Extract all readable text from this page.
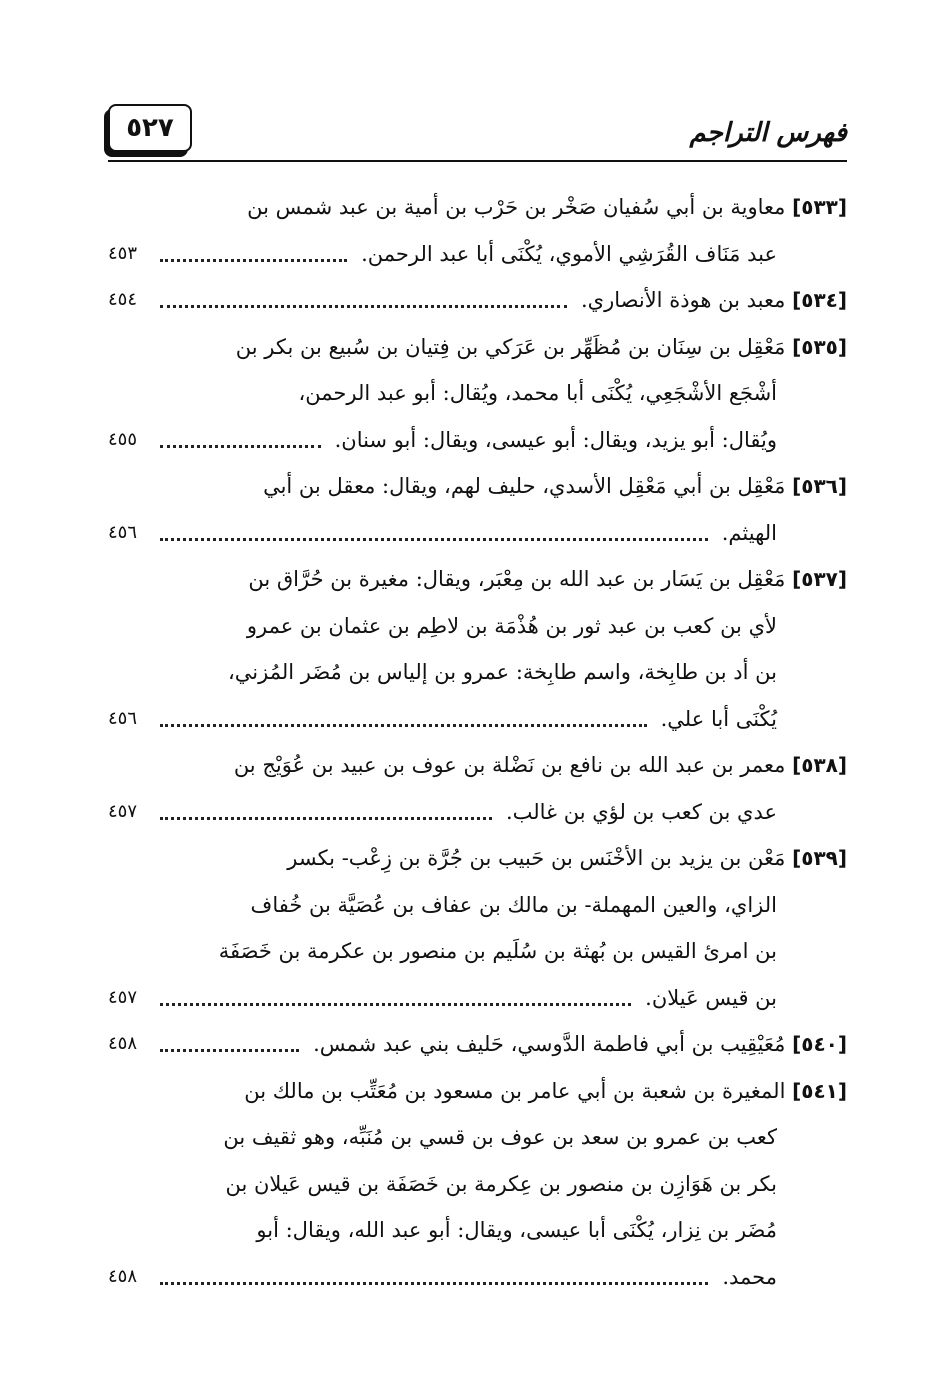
٥٢٧	فهرس التراجم
[٥٣٣] معاوية بن أبي سُفيان صَخْر بن حَرْب بن أمية بن عبد شمس بن
عبد مَنَاف القُرَشِي الأموي، يُكْنَى أبا عبد الرحمن.
٤٥٣
[٥٣٤] معبد بن هوذة الأنصاري.
٤٥٤
[٥٣٥] مَعْقِل بن سِنَان بن مُظَهِّر بن عَرَكي بن فِتيان بن سُبيع بن بكر بن
أشْجَع الأشْجَعِي، يُكْنَى أبا محمد، ويُقال: أبو عبد الرحمن،
ويُقال: أبو يزيد، ويقال: أبو عيسى، ويقال: أبو سنان.
٤٥٥
[٥٣٦] مَعْقِل بن أبي مَعْقِل الأسدي، حليف لهم، ويقال: معقل بن أبي
الهيثم.
٤٥٦
[٥٣٧] مَعْقِل بن يَسَار بن عبد الله بن مِعْبَر، ويقال: مغيرة بن حُرَّاق بن
لأي بن كعب بن عبد ثور بن هُذْمَة بن لاطِم بن عثمان بن عمرو
بن أد بن طابِخة، واسم طابِخة: عمرو بن إلياس بن مُضَر المُزني،
يُكْنَى أبا علي.
٤٥٦
[٥٣٨] معمر بن عبد الله بن نافع بن نَضْلة بن عوف بن عبيد بن عُوَيْج بن
عدي بن كعب بن لؤي بن غالب.
٤٥٧
[٥٣٩] مَعْن بن يزيد بن الأخْنَس بن حَبيب بن جُرَّة بن زِعْب- بكسر
الزاي، والعين المهملة- بن مالك بن عفاف بن عُصَيَّة بن خُفاف
بن امرئ القيس بن بُهثة بن سُلَيم بن منصور بن عكرمة بن خَصَفَة
بن قيس عَيلان.
٤٥٧
[٥٤٠] مُعَيْقِيب بن أبي فاطمة الدَّوسي، حَليف بني عبد شمس.
٤٥٨
[٥٤١] المغيرة بن شعبة بن أبي عامر بن مسعود بن مُعَتِّب بن مالك بن
كعب بن عمرو بن سعد بن عوف بن قسي بن مُنَبِّه، وهو ثقيف بن
بكر بن هَوَازِن بن منصور بن عِكرمة بن خَصَفَة بن قيس عَيلان بن
مُضَر بن نِزار، يُكْنَى أبا عيسى، ويقال: أبو عبد الله، ويقال: أبو
محمد.
٤٥٨
